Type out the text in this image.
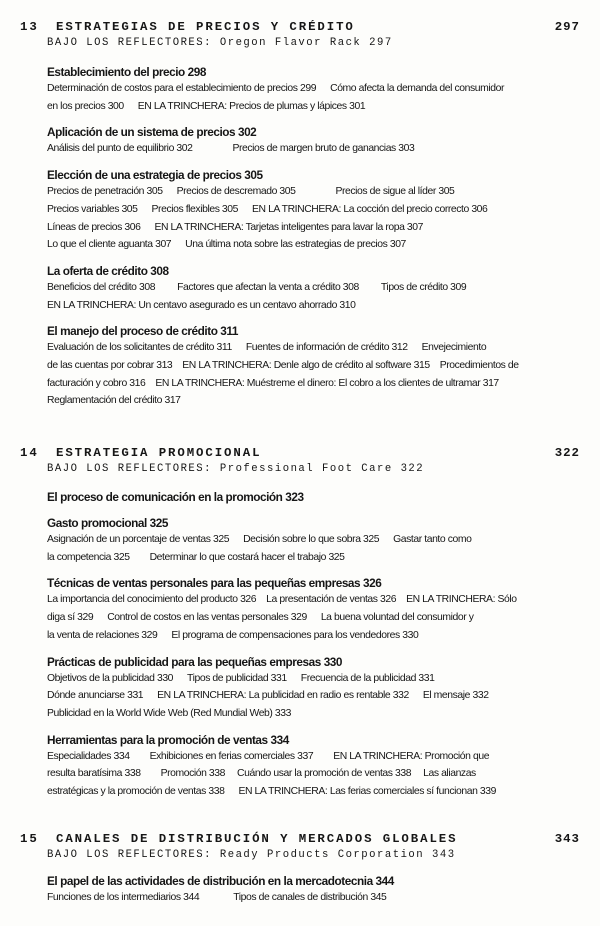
13 ESTRATEGIAS DE PRECIOS Y CRÉDITO	297
BAJO LOS REFLECTORES: Oregon Flavor Rack 297
Establecimiento del precio 298
Determinación de costos para el establecimiento de precios 299 Cómo afecta la demanda del consumidor
en los precios 300 EN LA TRINCHERA: Precios de plumas y lápices 301
Aplicación de un sistema de precios 302
Análisis del punto de equilibrio 302	Precios de margen bruto de ganancias 303
Elección de una estrategia de precios 305
Precios de penetración 305 Precios de descremado 305	Precios de sigue al líder 305
Precios variables 305 Precios flexibles 305 EN LA TRINCHERA: La cocción del precio correcto 306
Líneas de precios 306 EN LA TRINCHERA: Tarjetas inteligentes para lavar la ropa 307
Lo que el cliente aguanta 307 Una última nota sobre las estrategias de precios 307
La oferta de crédito 308
Beneficios del crédito 308 Factores que afectan la venta a crédito 308 Tipos de crédito 309
EN LA TRINCHERA: Un centavo asegurado es un centavo ahorrado 310
El manejo del proceso de crédito 311
Evaluación de los solicitantes de crédito 311 Fuentes de información de crédito 312 Envejecimiento
de las cuentas por cobrar 313 EN LA TRINCHERA: Denle algo de crédito al software 315 Procedimientos de
facturación y cobro 316 EN LA TRINCHERA: Muéstreme el dinero: El cobro a los clientes de ultramar 317
Reglamentación del crédito 317
14 ESTRATEGIA PROMOCIONAL	322
BAJO LOS REFLECTORES: Professional Foot Care 322
El proceso de comunicación en la promoción 323
Gasto promocional 325
Asignación de un porcentaje de ventas 325 Decisión sobre lo que sobra 325 Gastar tanto como
la competencia 325 Determinar lo que costará hacer el trabajo 325
Técnicas de ventas personales para las pequeñas empresas 326
La importancia del conocimiento del producto 326 La presentación de ventas 326 EN LA TRINCHERA: Sólo
diga sí 329 Control de costos en las ventas personales 329 La buena voluntad del consumidor y
la venta de relaciones 329 El programa de compensaciones para los vendedores 330
Prácticas de publicidad para las pequeñas empresas 330
Objetivos de la publicidad 330 Tipos de publicidad 331 Frecuencia de la publicidad 331
Dónde anunciarse 331 EN LA TRINCHERA: La publicidad en radio es rentable 332 El mensaje 332
Publicidad en la World Wide Web (Red Mundial Web) 333
Herramientas para la promoción de ventas 334
Especialidades 334 Exhibiciones en ferias comerciales 337 EN LA TRINCHERA: Promoción que
resulta baratísima 338 Promoción 338 Cuándo usar la promoción de ventas 338 Las alianzas
estratégicas y la promoción de ventas 338 EN LA TRINCHERA: Las ferias comerciales sí funcionan 339
15 CANALES DE DISTRIBUCIÓN Y MERCADOS GLOBALES	343
BAJO LOS REFLECTORES: Ready Products Corporation 343
El papel de las actividades de distribución en la mercadotecnia 344
Funciones de los intermediarios 344	Tipos de canales de distribución 345
